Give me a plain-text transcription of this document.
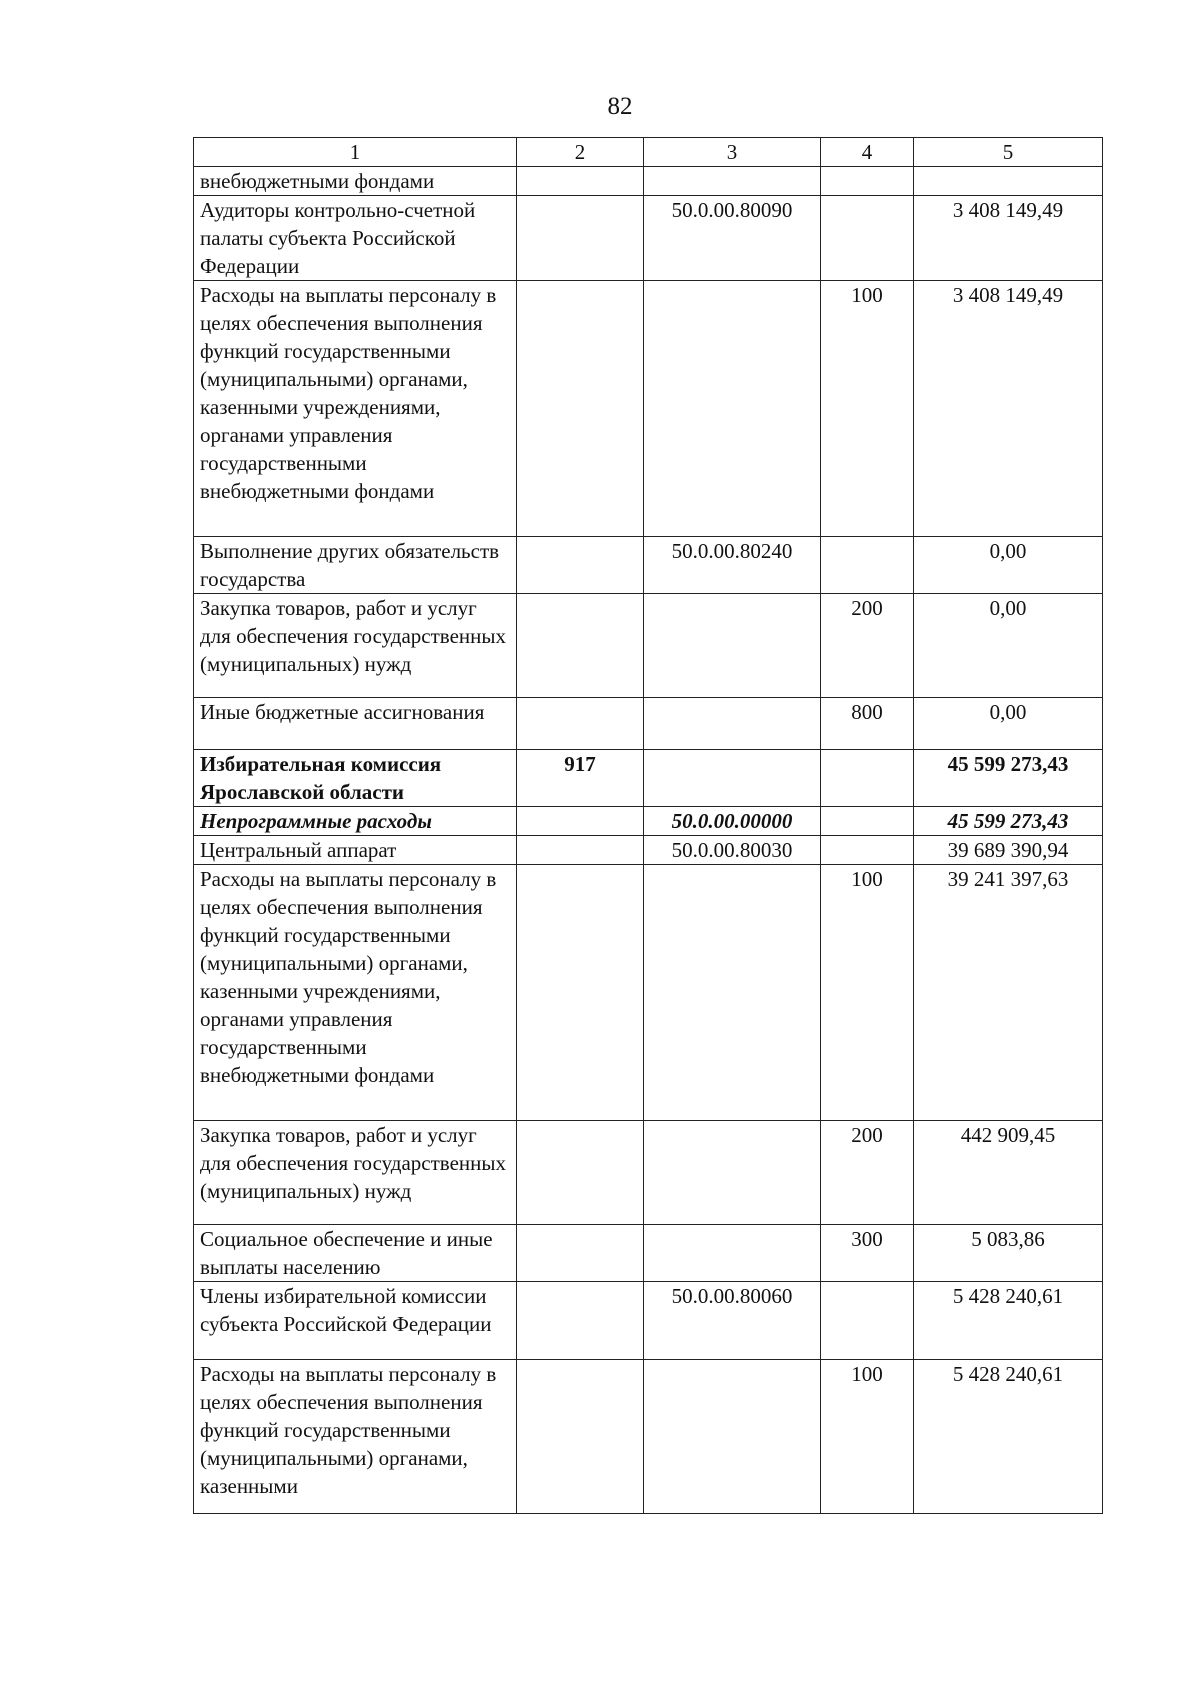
82
1	2	3	4	5
внебюджетными фондами				
Аудиторы контрольно-счетной палаты субъекта Российской Федерации		50.0.00.80090		3 408 149,49
Расходы на выплаты персоналу в целях обеспечения выполнения функций государственными (муниципальными) органами, казенными учреждениями, органами управления государственными внебюджетными фондами			100	3 408 149,49
Выполнение других обязательств государства		50.0.00.80240		0,00
Закупка товаров, работ и услуг для обеспечения государственных (муниципальных) нужд			200	0,00
Иные бюджетные ассигнования			800	0,00
Избирательная комиссия Ярославской области	917			45 599 273,43
Непрограммные расходы		50.0.00.00000		45 599 273,43
Центральный аппарат		50.0.00.80030		39 689 390,94
Расходы на выплаты персоналу в целях обеспечения выполнения функций государственными (муниципальными) органами, казенными учреждениями, органами управления государственными внебюджетными фондами			100	39 241 397,63
Закупка товаров, работ и услуг для обеспечения государственных (муниципальных) нужд			200	442 909,45
Социальное обеспечение и иные выплаты населению			300	5 083,86
Члены избирательной комиссии субъекта Российской Федерации		50.0.00.80060		5 428 240,61
Расходы на выплаты персоналу в целях обеспечения выполнения функций государственными (муниципальными) органами, казенными			100	5 428 240,61
